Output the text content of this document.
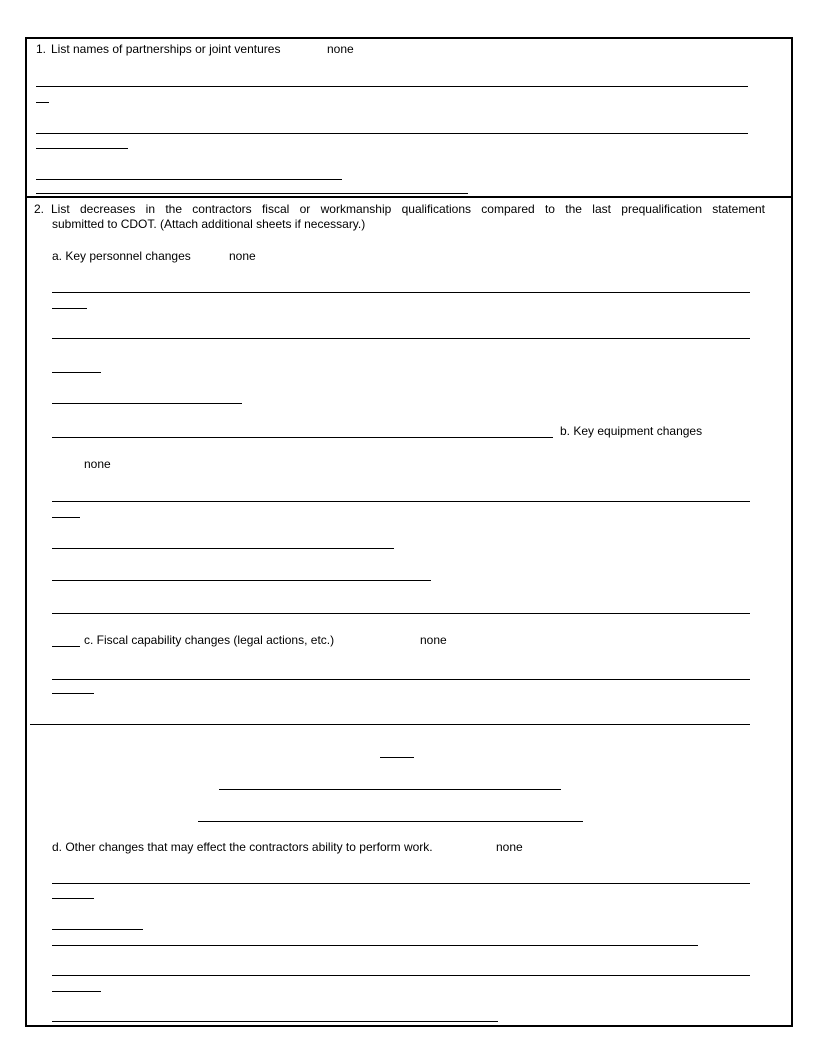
1. List names of partnerships or joint ventures	none
2. List decreases in the contractors fiscal or workmanship qualifications compared to the last prequalification statement
submitted to CDOT. (Attach additional sheets if necessary.)
a. Key personnel changes	none
b. Key equipment changes
none
c. Fiscal capability changes (legal actions, etc.)	none
d. Other changes that may effect the contractors ability to perform work.	none
